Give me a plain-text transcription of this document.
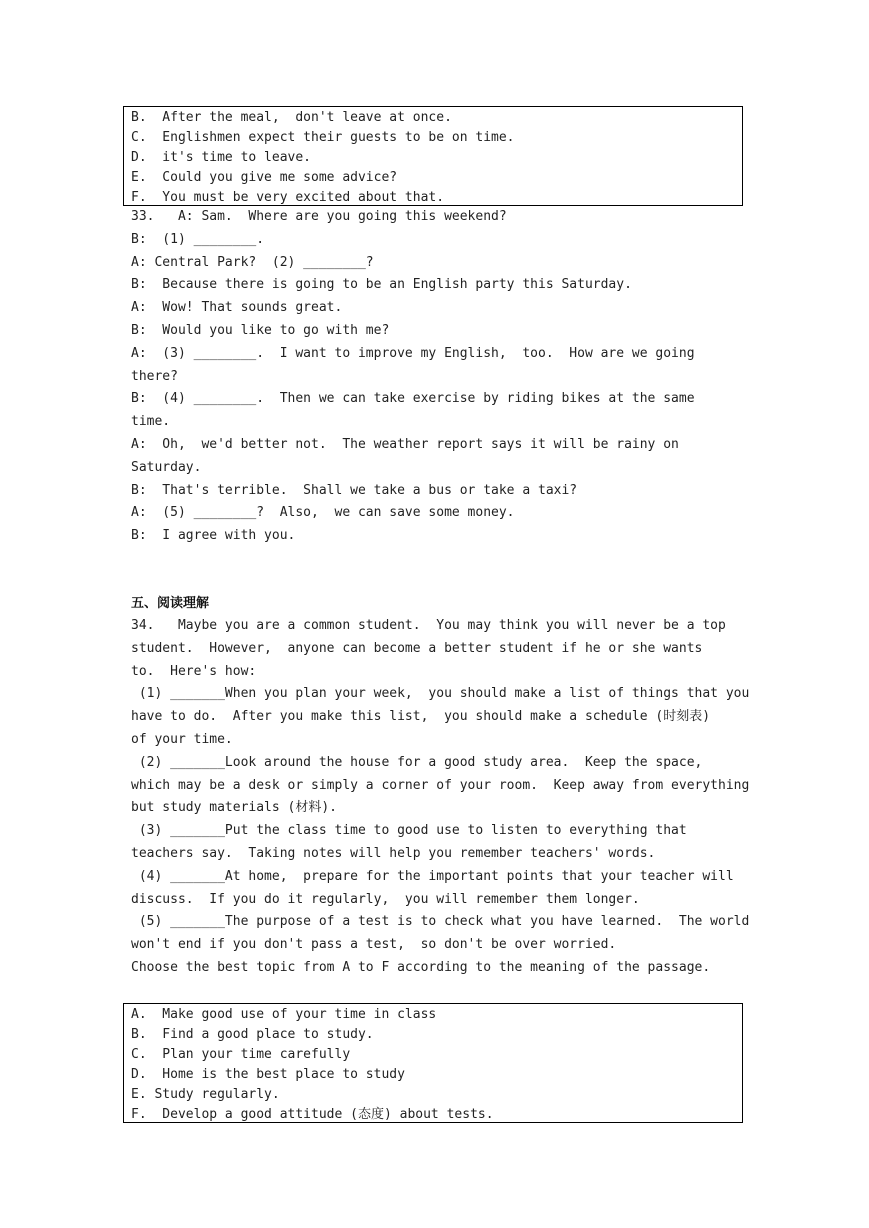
B.  After the meal,  don't leave at once.
C.  Englishmen expect their guests to be on time.
D.  it's time to leave.
E.  Could you give me some advice?
F.  You must be very excited about that.
33.   A: Sam.  Where are you going this weekend?
B:  (1) ________.
A: Central Park?  (2) ________?
B:  Because there is going to be an English party this Saturday.
A:  Wow! That sounds great.
B:  Would you like to go with me?
A:  (3) ________.  I want to improve my English,  too.  How are we going
there?
B:  (4) ________.  Then we can take exercise by riding bikes at the same
time.
A:  Oh,  we'd better not.  The weather report says it will be rainy on
Saturday.
B:  That's terrible.  Shall we take a bus or take a taxi?
A:  (5) ________?  Also,  we can save some money.
B:  I agree with you.
五、阅读理解
34.   Maybe you are a common student.  You may think you will never be a top
student.  However,  anyone can become a better student if he or she wants
to.  Here's how:
(1) _______When you plan your week,  you should make a list of things that you
have to do.  After you make this list,  you should make a schedule (时刻表)
of your time.
(2) _______Look around the house for a good study area.  Keep the space,
which may be a desk or simply a corner of your room.  Keep away from everything
but study materials (材料).
(3) _______Put the class time to good use to listen to everything that
teachers say.  Taking notes will help you remember teachers' words.
(4) _______At home,  prepare for the important points that your teacher will
discuss.  If you do it regularly,  you will remember them longer.
(5) _______The purpose of a test is to check what you have learned.  The world
won't end if you don't pass a test,  so don't be over worried.
Choose the best topic from A to F according to the meaning of the passage.
A.  Make good use of your time in class
B.  Find a good place to study.
C.  Plan your time carefully
D.  Home is the best place to study
E. Study regularly.
F.  Develop a good attitude (态度) about tests.
